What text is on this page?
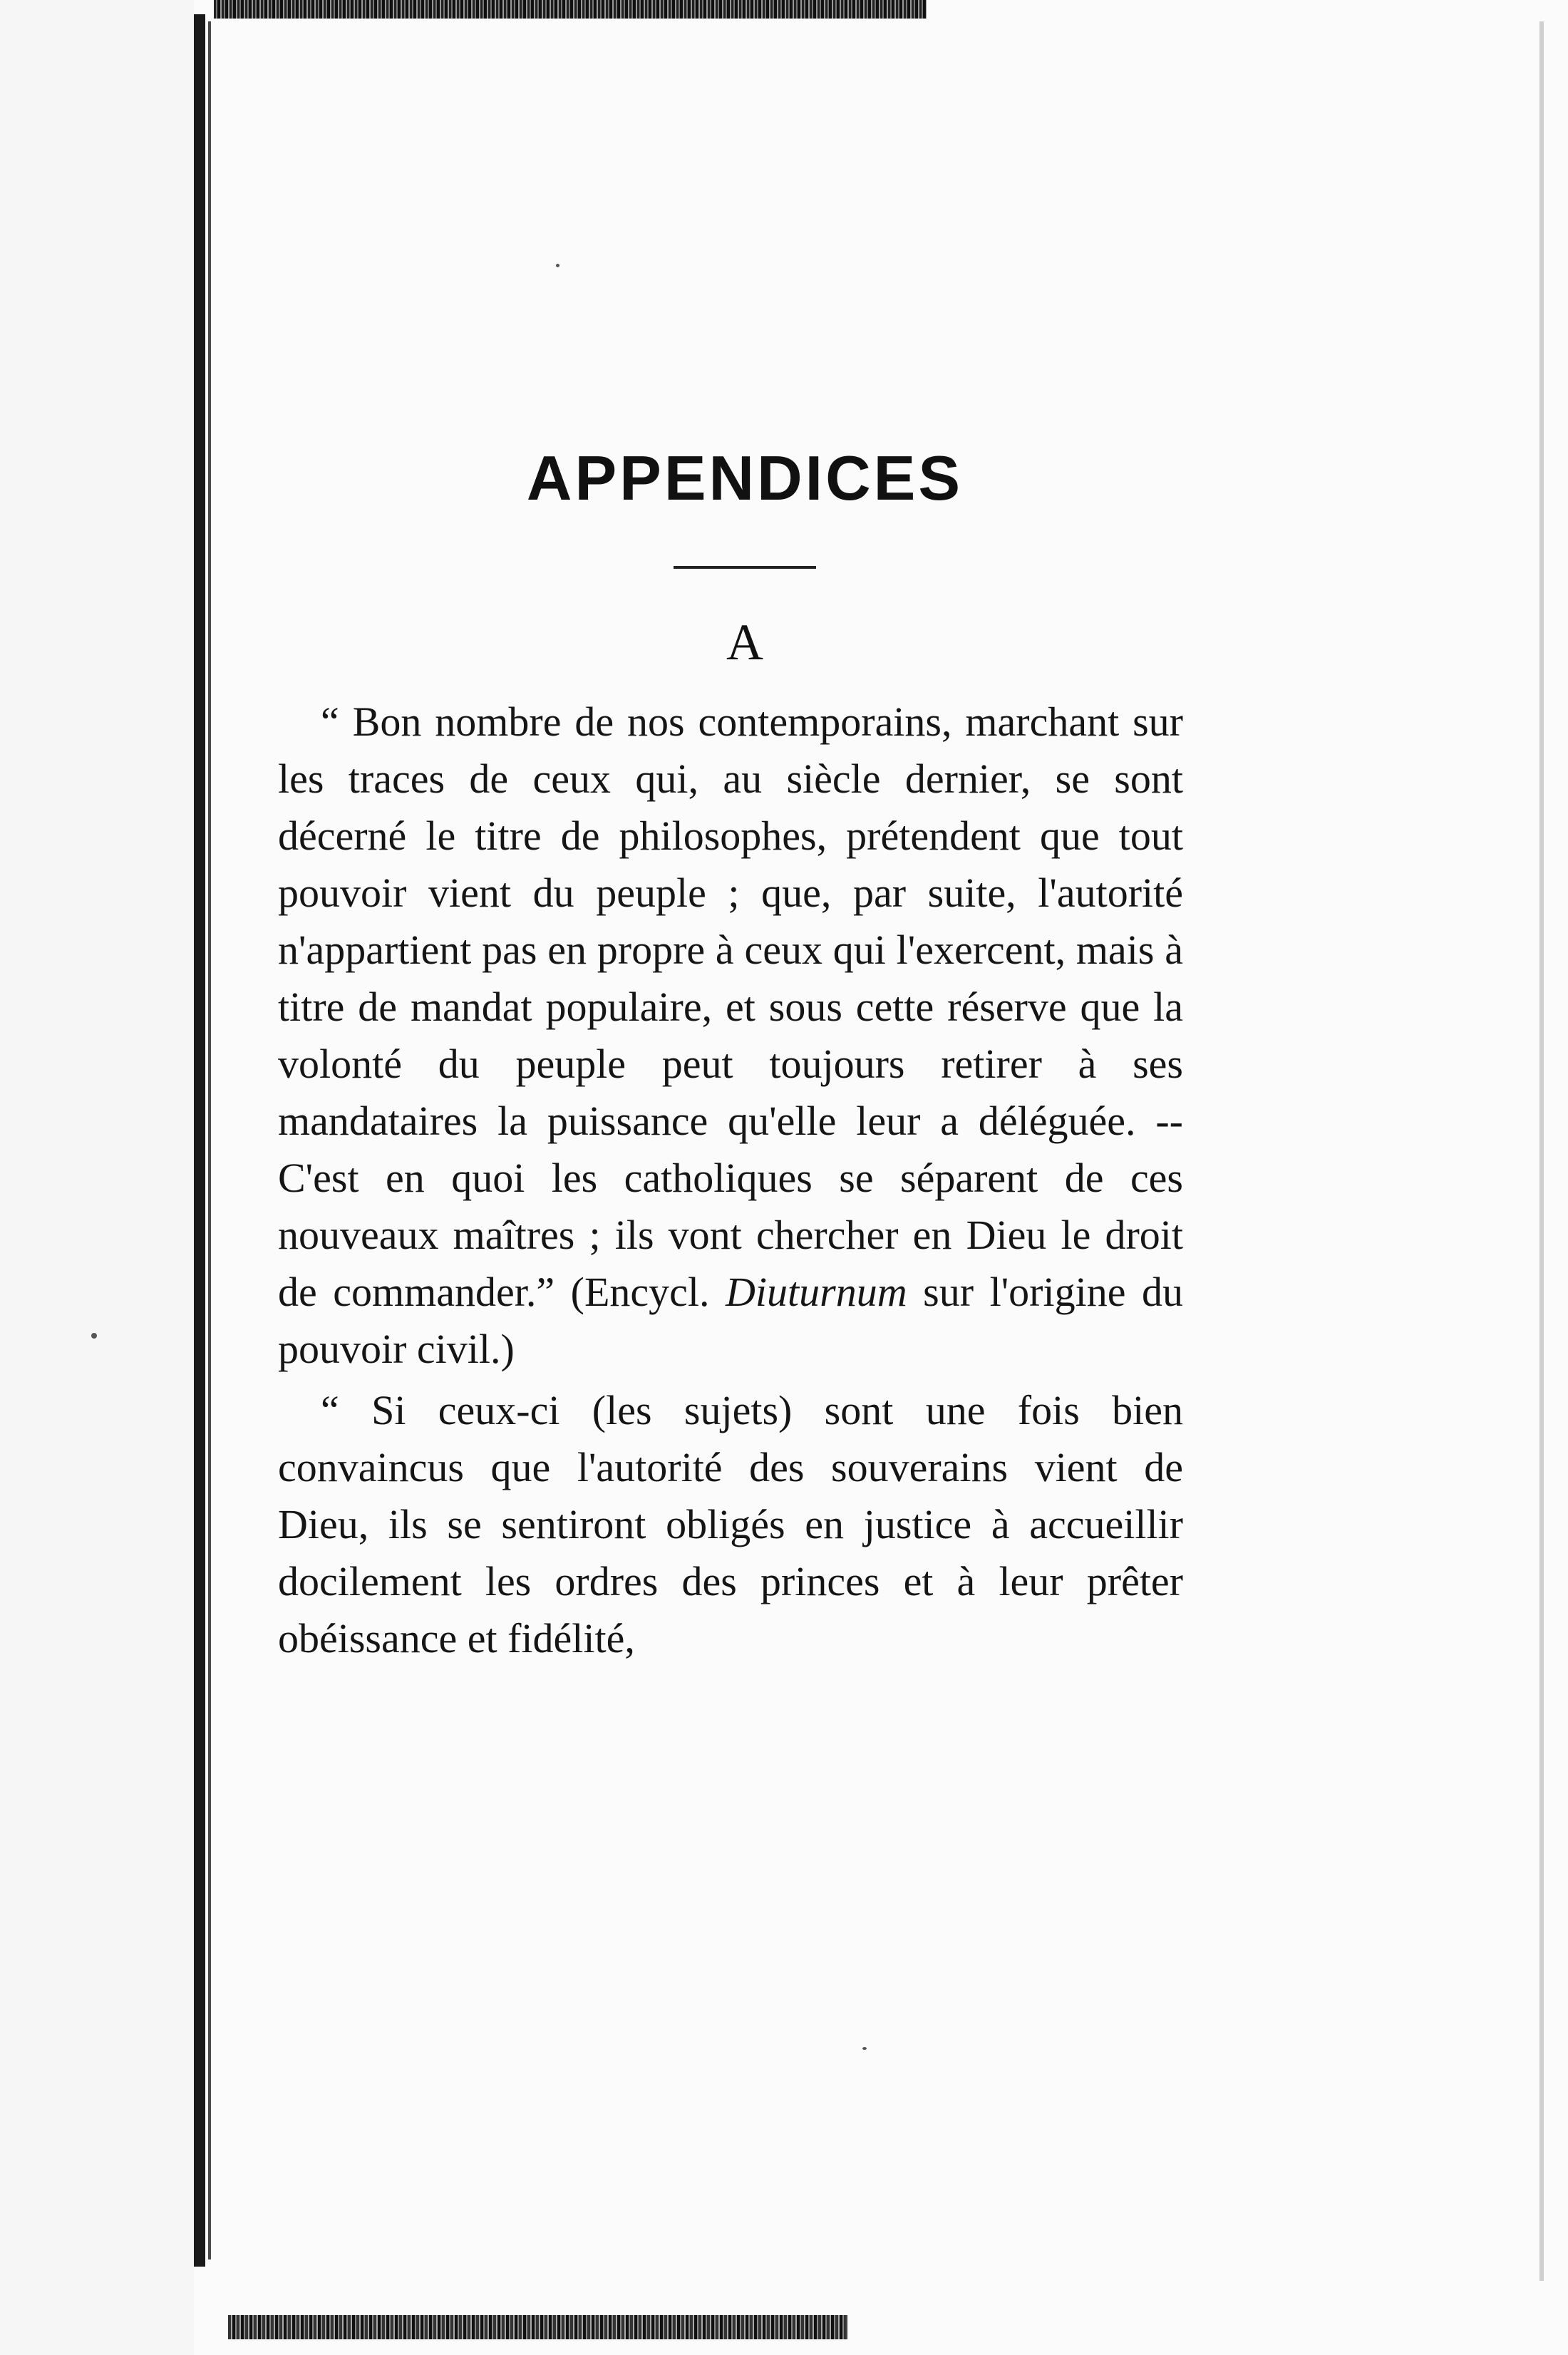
APPENDICES
A

“ Bon nombre de nos contemporains, marchant sur les traces de ceux qui, au siècle dernier, se sont décerné le titre de philosophes, prétendent que tout pouvoir vient du peuple ; que, par suite, l'autorité n'appartient pas en propre à ceux qui l'exercent, mais à titre de mandat populaire, et sous cette réserve que la volonté du peuple peut toujours retirer à ses mandataires la puissance qu'elle leur a déléguée. --C'est en quoi les catholiques se séparent de ces nouveaux maîtres ; ils vont chercher en Dieu le droit de commander.” (Encycl. Diuturnum sur l'origine du pouvoir civil.)

“ Si ceux-ci (les sujets) sont une fois bien convaincus que l'autorité des souverains vient de Dieu, ils se sentiront obligés en justice à accueillir docilement les ordres des princes et à leur prêter obéissance et fidélité,
